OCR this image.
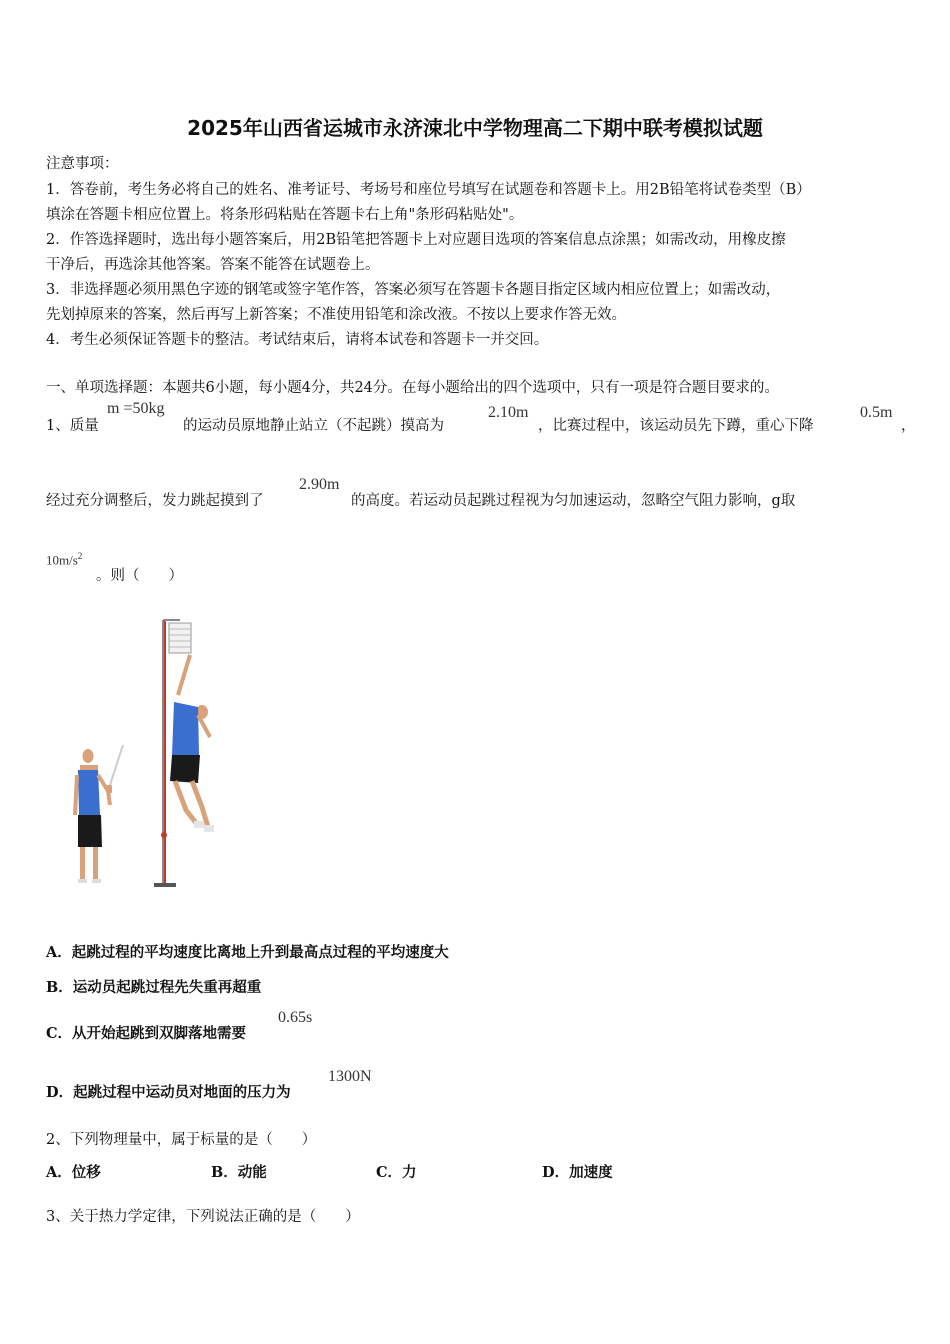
2025年山西省运城市永济涑北中学物理高二下期中联考模拟试题
注意事项：
1．答卷前，考生务必将自己的姓名、准考证号、考场号和座位号填写在试题卷和答题卡上。用2B铅笔将试卷类型（B）
填涂在答题卡相应位置上。将条形码粘贴在答题卡右上角"条形码粘贴处"。
2．作答选择题时，选出每小题答案后，用2B铅笔把答题卡上对应题目选项的答案信息点涂黑；如需改动，用橡皮擦
干净后，再选涂其他答案。答案不能答在试题卷上。
3．非选择题必须用黑色字迹的钢笔或签字笔作答，答案必须写在答题卡各题目指定区域内相应位置上；如需改动，
先划掉原来的答案，然后再写上新答案；不准使用铅笔和涂改液。不按以上要求作答无效。
4．考生必须保证答题卡的整洁。考试结束后，请将本试卷和答题卡一并交回。
一、单项选择题：本题共6小题，每小题4分，共24分。在每小题给出的四个选项中，只有一项是符合题目要求的。
1、质量
m =50kg
的运动员原地静止站立（不起跳）摸高为
2.10m
，比赛过程中，该运动员先下蹲，重心下降
0.5m
，
经过充分调整后，发力跳起摸到了
2.90m
的高度。若运动员起跳过程视为匀加速运动，忽略空气阻力影响，g取
$10m/s^2$
。则（　　）
A．起跳过程的平均速度比离地上升到最高点过程的平均速度大
B．运动员起跳过程先失重再超重
C．从开始起跳到双脚落地需要
0.65s
D．起跳过程中运动员对地面的压力为
1300N
2、下列物理量中，属于标量的是（　　）
A．位移	B．动能	C．力	D．加速度
3、关于热力学定律，下列说法正确的是（　　）
